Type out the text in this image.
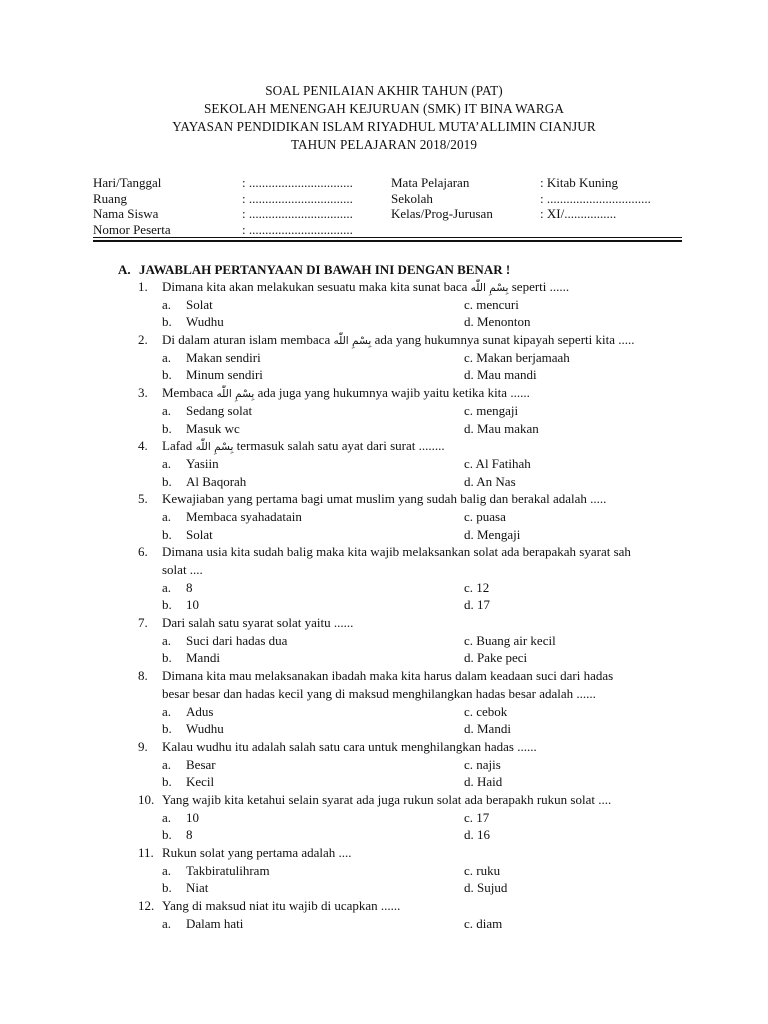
SOAL PENILAIAN AKHIR TAHUN (PAT)
SEKOLAH MENENGAH KEJURUAN (SMK) IT BINA WARGA
YAYASAN PENDIDIKAN ISLAM RIYADHUL MUTA’ALLIMIN CIANJUR
TAHUN PELAJARAN 2018/2019
Hari/Tanggal	: ................................	Mata Pelajaran	: Kitab Kuning
Ruang	: ................................	Sekolah	: ................................
Nama Siswa	: ................................	Kelas/Prog-Jurusan	: XI/................
Nomor Peserta	: ................................
A. JAWABLAH PERTANYAAN DI BAWAH INI DENGAN BENAR !
1. Dimana kita akan melakukan sesuatu maka kita sunat baca بِسْمِ اللّٰه seperti ......
a. Solat	c. mencuri
b. Wudhu	d. Menonton
2. Di dalam aturan islam membaca بِسْمِ اللّٰه ada yang hukumnya sunat kipayah seperti kita .....
a. Makan sendiri	c. Makan berjamaah
b. Minum sendiri	d. Mau mandi
3. Membaca بِسْمِ اللّٰه ada juga yang hukumnya wajib yaitu ketika kita ......
a. Sedang solat	c. mengaji
b. Masuk wc	d. Mau makan
4. Lafad بِسْمِ اللّٰه termasuk salah satu ayat dari surat ........
a. Yasiin	c. Al Fatihah
b. Al Baqorah	d. An Nas
5. Kewajiaban yang pertama bagi umat muslim yang sudah balig dan berakal adalah .....
a. Membaca syahadatain	c. puasa
b. Solat	d. Mengaji
6. Dimana usia kita sudah balig maka kita wajib melaksankan solat ada berapakah syarat sah
solat ....
a. 8	c. 12
b. 10	d. 17
7. Dari salah satu syarat solat yaitu ......
a. Suci dari hadas dua	c. Buang air kecil
b. Mandi	d. Pake peci
8. Dimana kita mau melaksanakan ibadah maka kita harus dalam keadaan suci dari hadas
besar besar dan hadas kecil yang di maksud menghilangkan hadas besar adalah ......
a. Adus	c. cebok
b. Wudhu	d. Mandi
9. Kalau wudhu itu adalah salah satu cara untuk menghilangkan hadas ......
a. Besar	c. najis
b. Kecil	d. Haid
10. Yang wajib kita ketahui selain syarat ada juga rukun solat ada berapakh rukun solat ....
a. 10	c. 17
b. 8	d. 16
11. Rukun solat yang pertama adalah ....
a. Takbiratulihram	c. ruku
b. Niat	d. Sujud
12. Yang di maksud niat itu wajib di ucapkan ......
a. Dalam hati	c. diam
